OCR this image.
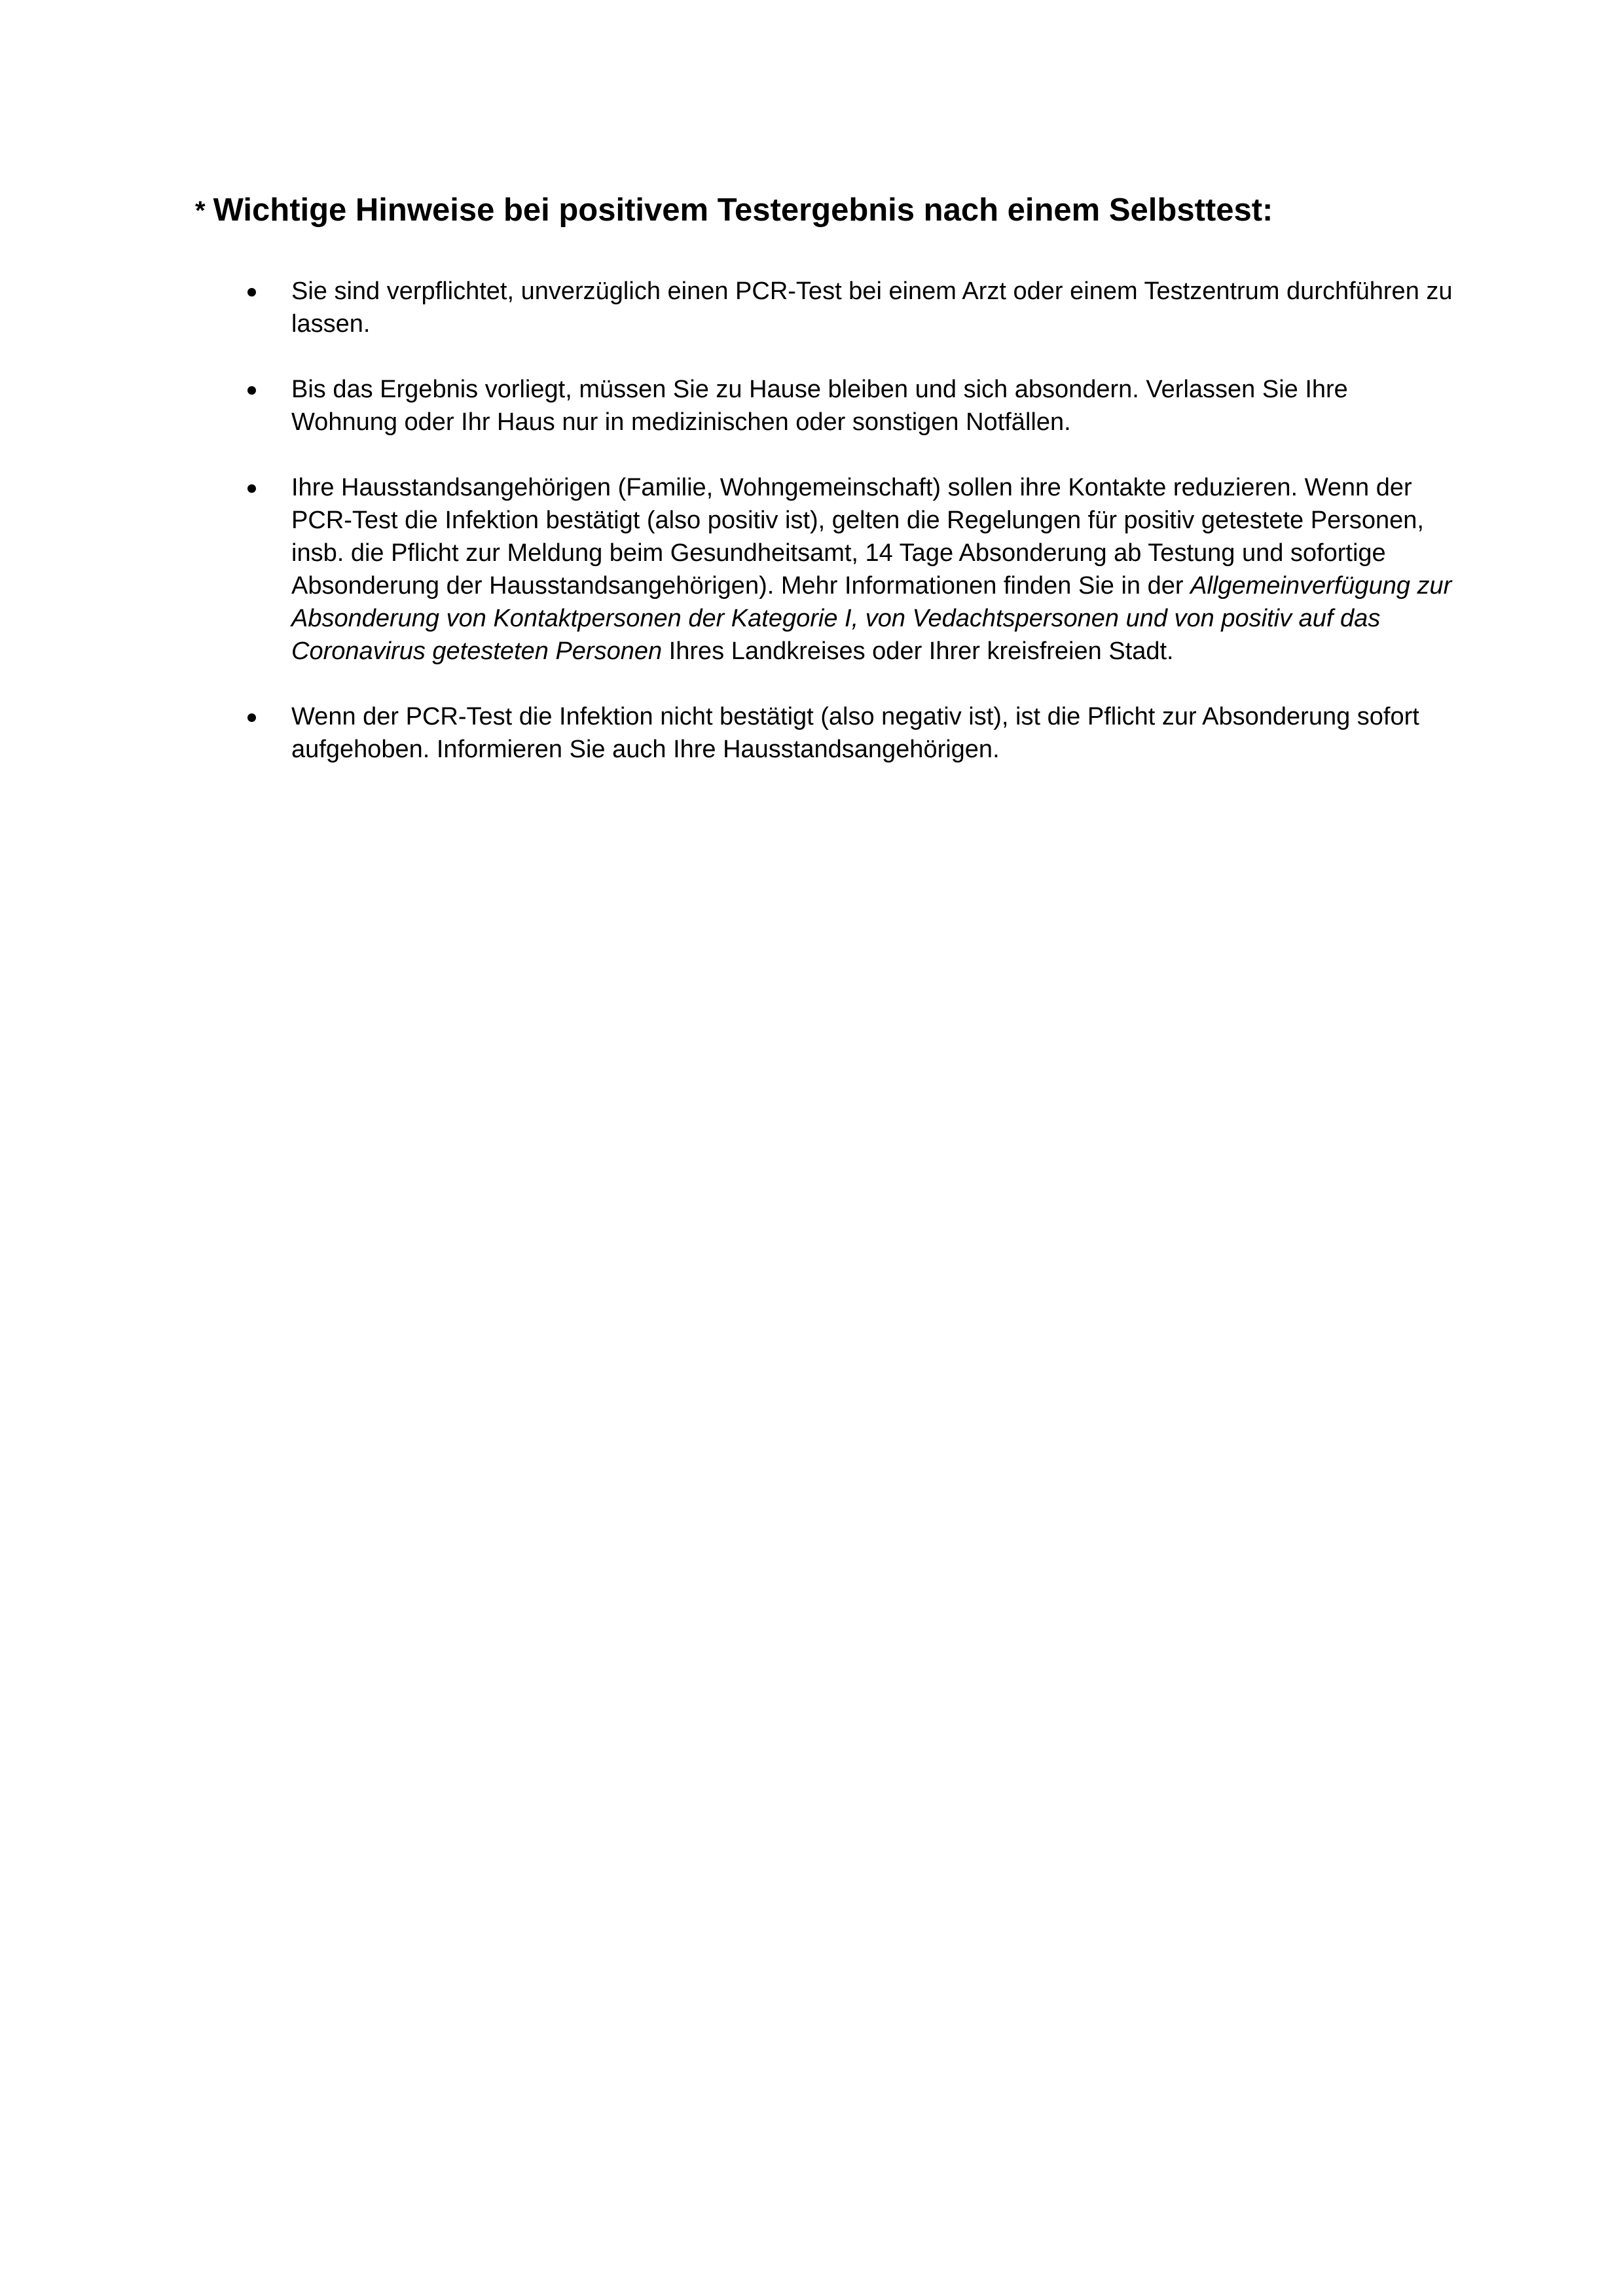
* Wichtige Hinweise bei positivem Testergebnis nach einem Selbsttest:
Sie sind verpflichtet, unverzüglich einen PCR-Test bei einem Arzt oder einem Testzentrum durchführen zu lassen.
Bis das Ergebnis vorliegt, müssen Sie zu Hause bleiben und sich absondern. Verlassen Sie Ihre Wohnung oder Ihr Haus nur in medizinischen oder sonstigen Notfällen.
Ihre Hausstandsangehörigen (Familie, Wohngemeinschaft) sollen ihre Kontakte reduzieren. Wenn der PCR-Test die Infektion bestätigt (also positiv ist), gelten die Regelungen für positiv getestete Personen, insb. die Pflicht zur Meldung beim Gesundheitsamt, 14 Tage Absonderung ab Testung und sofortige Absonderung der Hausstandsangehörigen). Mehr Informationen finden Sie in der Allgemeinverfügung zur Absonderung von Kontaktpersonen der Kategorie I, von Vedachtspersonen und von positiv auf das Coronavirus getesteten Personen Ihres Landkreises oder Ihrer kreisfreien Stadt.
Wenn der PCR-Test die Infektion nicht bestätigt (also negativ ist), ist die Pflicht zur Absonderung sofort aufgehoben. Informieren Sie auch Ihre Hausstandsangehörigen.
